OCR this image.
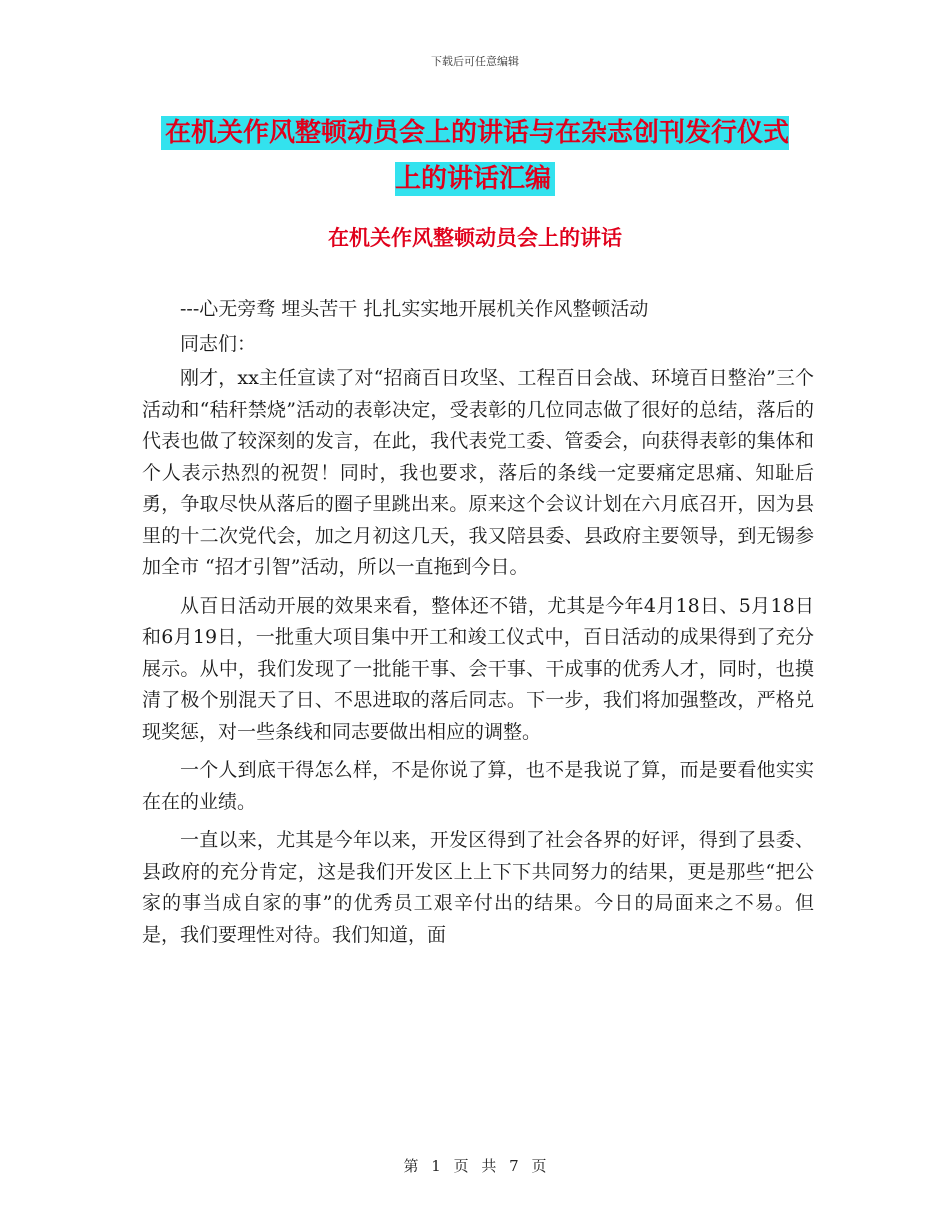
下载后可任意编辑
在机关作风整顿动员会上的讲话与在杂志创刊发行仪式上的讲话汇编
在机关作风整顿动员会上的讲话

---心无旁骛 埋头苦干 扎扎实实地开展机关作风整顿活动

同志们：

刚才，xx主任宣读了对“招商百日攻坚、工程百日会战、环境百日整治”三个活动和“秸秆禁烧”活动的表彰决定，受表彰的几位同志做了很好的总结，落后的代表也做了较深刻的发言，在此，我代表党工委、管委会，向获得表彰的集体和个人表示热烈的祝贺！同时，我也要求，落后的条线一定要痛定思痛、知耻后勇，争取尽快从落后的圈子里跳出来。原来这个会议计划在六月底召开，因为县里的十二次党代会，加之月初这几天，我又陪县委、县政府主要领导，到无锡参加全市 “招才引智”活动，所以一直拖到今日。

从百日活动开展的效果来看，整体还不错，尤其是今年4月18日、5月18日和6月19日，一批重大项目集中开工和竣工仪式中，百日活动的成果得到了充分展示。从中，我们发现了一批能干事、会干事、干成事的优秀人才，同时，也摸清了极个别混天了日、不思进取的落后同志。下一步，我们将加强整改，严格兑现奖惩，对一些条线和同志要做出相应的调整。

一个人到底干得怎么样，不是你说了算，也不是我说了算，而是要看他实实在在的业绩。

一直以来，尤其是今年以来，开发区得到了社会各界的好评，得到了县委、县政府的充分肯定，这是我们开发区上上下下共同努力的结果，更是那些“把公家的事当成自家的事”的优秀员工艰辛付出的结果。今日的局面来之不易。但是，我们要理性对待。我们知道，面

第 1 页 共 7 页
